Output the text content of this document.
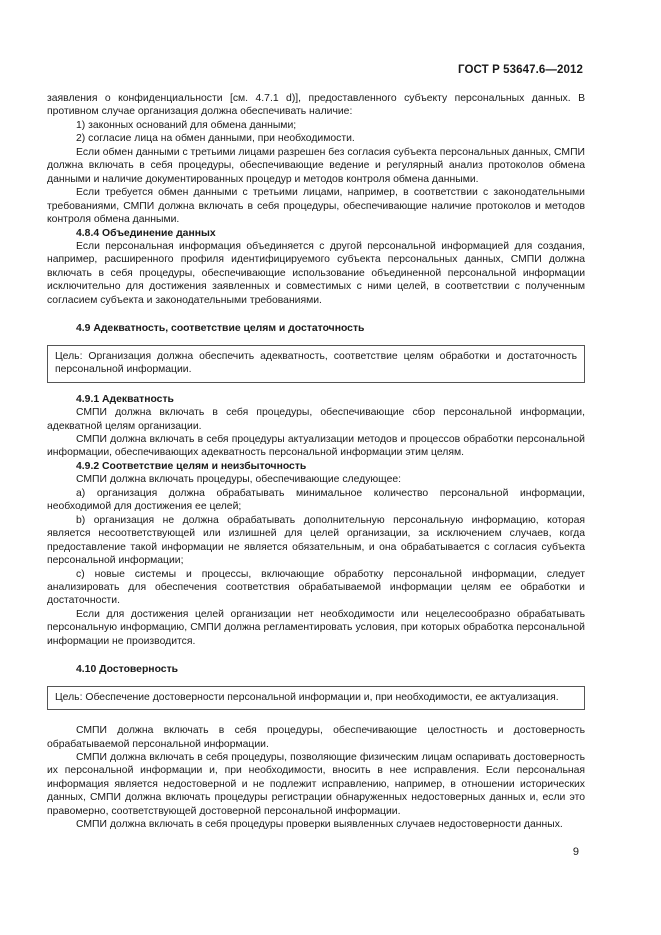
ГОСТ Р 53647.6—2012

заявления о конфиденциальности [см. 4.7.1 d)], предоставленного субъекту персональных данных. В противном случае организация должна обеспечивать наличие:

1) законных оснований для обмена данными;

2) согласие лица на обмен данными, при необходимости.

Если обмен данными с третьими лицами разрешен без согласия субъекта персональных данных, СМПИ должна включать в себя процедуры, обеспечивающие ведение и регулярный анализ протоколов обмена данными и наличие документированных процедур и методов контроля обмена данными.

Если требуется обмен данными с третьими лицами, например, в соответствии с законодательными требованиями, СМПИ должна включать в себя процедуры, обеспечивающие наличие протоколов и методов контроля обмена данными.

4.8.4 Объединение данных

Если персональная информация объединяется с другой персональной информацией для создания, например, расширенного профиля идентифицируемого субъекта персональных данных, СМПИ должна включать в себя процедуры, обеспечивающие использование объединенной персональной информации исключительно для достижения заявленных и совместимых с ними целей, в соответствии с полученным согласием субъекта и законодательными требованиями.

4.9 Адекватность, соответствие целям и достаточность

Цель: Организация должна обеспечить адекватность, соответствие целям обработки и достаточность персональной информации.

4.9.1 Адекватность

СМПИ должна включать в себя процедуры, обеспечивающие сбор персональной информации, адекватной целям организации.

СМПИ должна включать в себя процедуры актуализации методов и процессов обработки персональной информации, обеспечивающих адекватность персональной информации этим целям.

4.9.2 Соответствие целям и неизбыточность

СМПИ должна включать процедуры, обеспечивающие следующее:

a) организация должна обрабатывать минимальное количество персональной информации, необходимой для достижения ее целей;

b) организация не должна обрабатывать дополнительную персональную информацию, которая является несоответствующей или излишней для целей организации, за исключением случаев, когда предоставление такой информации не является обязательным, и она обрабатывается с согласия субъекта персональной информации;

c) новые системы и процессы, включающие обработку персональной информации, следует анализировать для обеспечения соответствия обрабатываемой информации целям ее обработки и достаточности.

Если для достижения целей организации нет необходимости или нецелесообразно обрабатывать персональную информацию, СМПИ должна регламентировать условия, при которых обработка персональной информации не производится.

4.10 Достоверность

Цель: Обеспечение достоверности персональной информации и, при необходимости, ее актуализация.

СМПИ должна включать в себя процедуры, обеспечивающие целостность и достоверность обрабатываемой персональной информации.

СМПИ должна включать в себя процедуры, позволяющие физическим лицам оспаривать достоверность их персональной информации и, при необходимости, вносить в нее исправления. Если персональная информация является недостоверной и не подлежит исправлению, например, в отношении исторических данных, СМПИ должна включать процедуры регистрации обнаруженных недостоверных данных и, если это правомерно, соответствующей достоверной персональной информации.

СМПИ должна включать в себя процедуры проверки выявленных случаев недостоверности данных.

9
